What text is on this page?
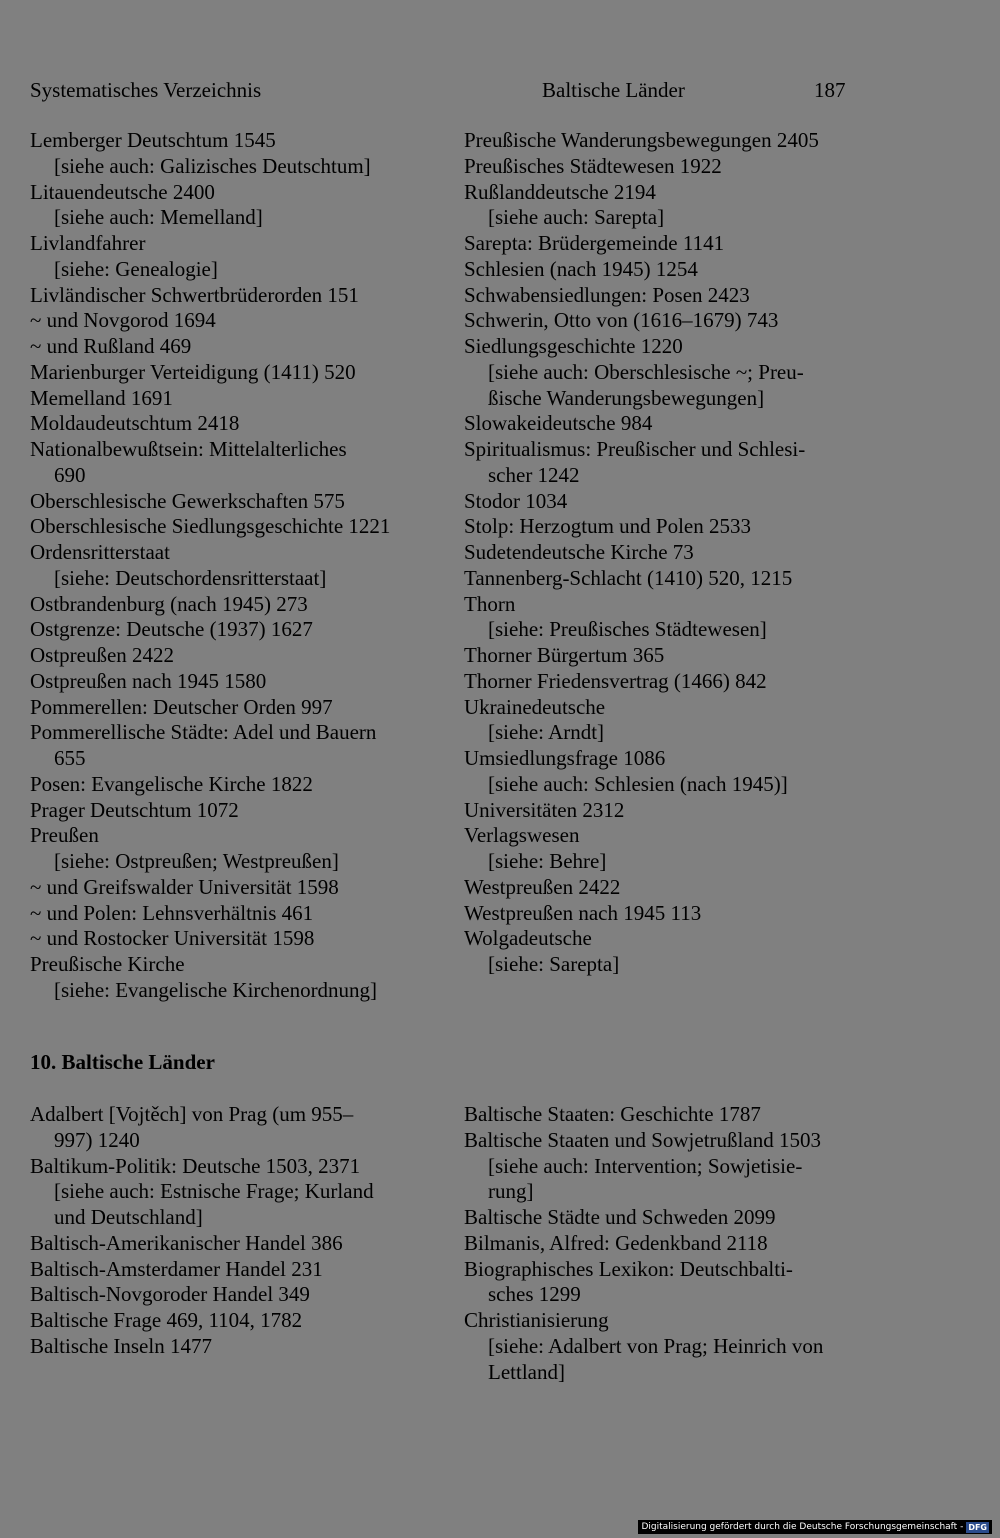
Systematisches Verzeichnis	Baltische Länder	187
Lemberger Deutschtum 1545
[siehe auch: Galizisches Deutschtum]
Litauendeutsche 2400
[siehe auch: Memelland]
Livlandfahrer
[siehe: Genealogie]
Livländischer Schwertbrüderorden 151
~ und Novgorod 1694
~ und Rußland 469
Marienburger Verteidigung (1411) 520
Memelland 1691
Moldaudeutschtum 2418
Nationalbewußtsein: Mittelalterliches
690
Oberschlesische Gewerkschaften 575
Oberschlesische Siedlungsgeschichte 1221
Ordensritterstaat
[siehe: Deutschordensritterstaat]
Ostbrandenburg (nach 1945) 273
Ostgrenze: Deutsche (1937) 1627
Ostpreußen 2422
Ostpreußen nach 1945 1580
Pommerellen: Deutscher Orden 997
Pommerellische Städte: Adel und Bauern
655
Posen: Evangelische Kirche 1822
Prager Deutschtum 1072
Preußen
[siehe: Ostpreußen; Westpreußen]
~ und Greifswalder Universität 1598
~ und Polen: Lehnsverhältnis 461
~ und Rostocker Universität 1598
Preußische Kirche
[siehe: Evangelische Kirchenordnung]
Preußische Wanderungsbewegungen 2405
Preußisches Städtewesen 1922
Rußlanddeutsche 2194
[siehe auch: Sarepta]
Sarepta: Brüdergemeinde 1141
Schlesien (nach 1945) 1254
Schwabensiedlungen: Posen 2423
Schwerin, Otto von (1616–1679) 743
Siedlungsgeschichte 1220
[siehe auch: Oberschlesische ~; Preu-
ßische Wanderungsbewegungen]
Slowakeideutsche 984
Spiritualismus: Preußischer und Schlesi-
scher 1242
Stodor 1034
Stolp: Herzogtum und Polen 2533
Sudetendeutsche Kirche 73
Tannenberg-Schlacht (1410) 520, 1215
Thorn
[siehe: Preußisches Städtewesen]
Thorner Bürgertum 365
Thorner Friedensvertrag (1466) 842
Ukrainedeutsche
[siehe: Arndt]
Umsiedlungsfrage 1086
[siehe auch: Schlesien (nach 1945)]
Universitäten 2312
Verlagswesen
[siehe: Behre]
Westpreußen 2422
Westpreußen nach 1945 113
Wolgadeutsche
[siehe: Sarepta]
10. Baltische Länder
Adalbert [Vojtěch] von Prag (um 955–
997) 1240
Baltikum-Politik: Deutsche 1503, 2371
[siehe auch: Estnische Frage; Kurland
und Deutschland]
Baltisch-Amerikanischer Handel 386
Baltisch-Amsterdamer Handel 231
Baltisch-Novgoroder Handel 349
Baltische Frage 469, 1104, 1782
Baltische Inseln 1477
Baltische Staaten: Geschichte 1787
Baltische Staaten und Sowjetrußland 1503
[siehe auch: Intervention; Sowjetisie-
rung]
Baltische Städte und Schweden 2099
Bilmanis, Alfred: Gedenkband 2118
Biographisches Lexikon: Deutschbalti-
sches 1299
Christianisierung
[siehe: Adalbert von Prag; Heinrich von
Lettland]
Digitalisierung gefördert durch die Deutsche Forschungsgemeinschaft - DFG
